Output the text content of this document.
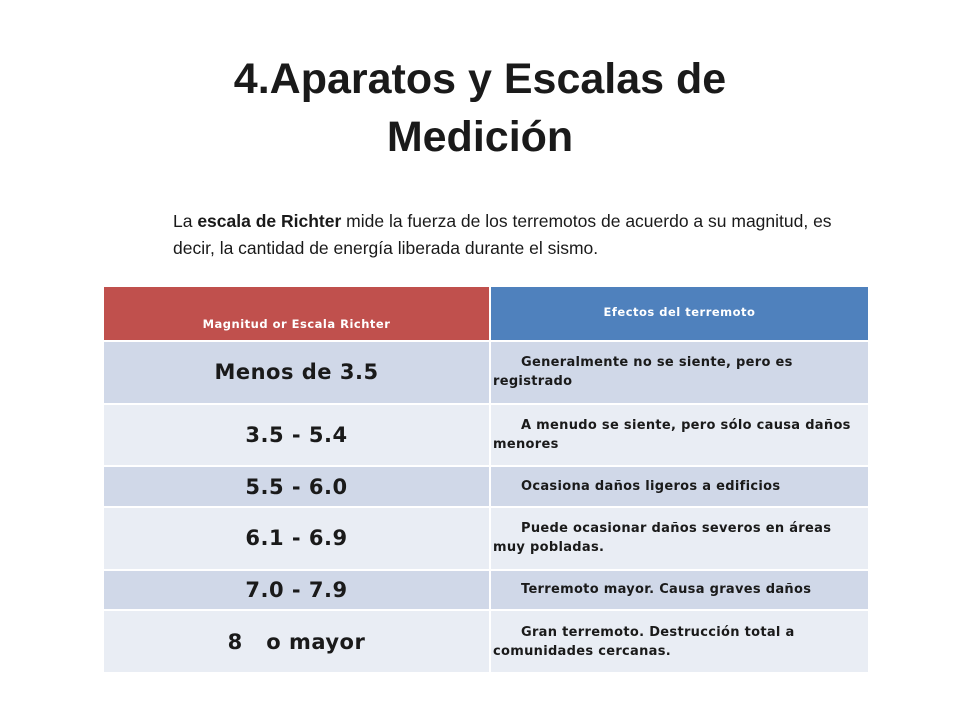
4.Aparatos y Escalas de
Medición
La escala de Richter mide la fuerza de los terremotos de acuerdo a su magnitud, es decir, la cantidad de energía liberada durante el sismo.
Magnitud or Escala Richter	Efectos del terremoto

Menos de 3.5	Generalmente no se siente, pero es registrado

3.5 - 5.4	A menudo se siente, pero sólo causa daños menores

5.5 - 6.0	Ocasiona daños ligeros a edificios

6.1 - 6.9	Puede ocasionar daños severos en áreas muy pobladas.

7.0 - 7.9	Terremoto mayor. Causa graves daños

8   o mayor	Gran terremoto. Destrucción total a comunidades cercanas.
